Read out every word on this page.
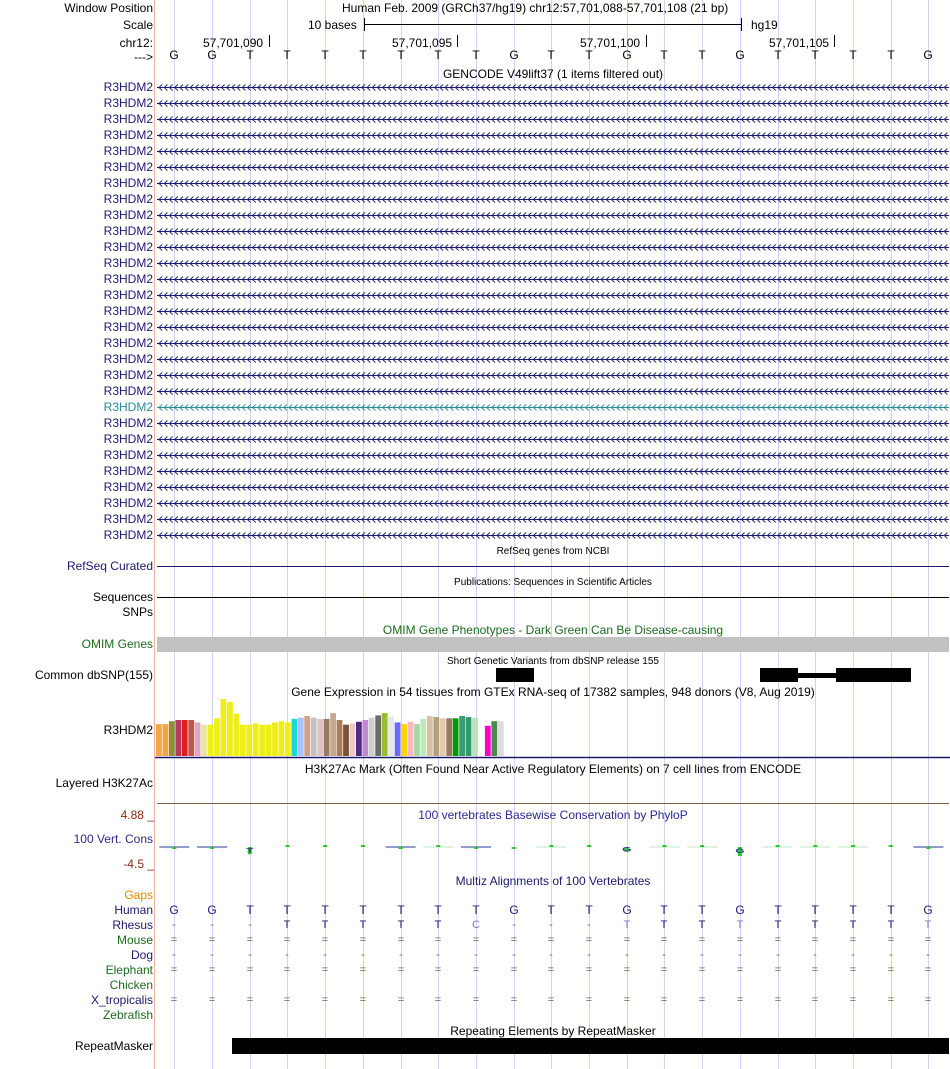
Window Position	Human Feb. 2009 (GRCh37/hg19) chr12:57,701,088-57,701,108 (21 bp)
Scale	10 bases	hg19
chr12:	57,701,090	57,701,095	57,701,100	57,701,105
--->	G	G	T	T	T	T	T	T	T	G	T	T	G	T	T	G	T	T	T	T	G
GENCODE V49lift37 (1 items filtered out)
R3HDM2
R3HDM2
R3HDM2
R3HDM2
R3HDM2
R3HDM2
R3HDM2
R3HDM2
R3HDM2
R3HDM2
R3HDM2
R3HDM2
R3HDM2
R3HDM2
R3HDM2
R3HDM2
R3HDM2
R3HDM2
R3HDM2
R3HDM2
R3HDM2
R3HDM2
R3HDM2
R3HDM2
R3HDM2
R3HDM2
R3HDM2
R3HDM2
R3HDM2
RefSeq genes from NCBI
RefSeq Curated
Publications: Sequences in Scientific Articles
Sequences
SNPs
OMIM Gene Phenotypes - Dark Green Can Be Disease-causing
OMIM Genes
Short Genetic Variants from dbSNP release 155
Common dbSNP(155)
Gene Expression in 54 tissues from GTEx RNA-seq of 17382 samples, 948 donors (V8, Aug 2019)
R3HDM2
H3K27Ac Mark (Often Found Near Active Regulatory Elements) on 7 cell lines from ENCODE
Layered H3K27Ac
100 vertebrates Basewise Conservation by PhyloP
4.88 _
100 Vert. Cons
-4.5 _
T	G	G
Multiz Alignments of 100 Vertebrates
Gaps
Human	G	G	T	T	T	T	T	T	T	G	T	T	G	T	T	G	T	T	T	T	G
Rhesus	-	-	-	T	T	T	T	T	C	-	-	-	T	T	T	T	T	T	T	T	T
Mouse	=	=	=	=	=	=	=	=	=	=	=	=	=	=	=	=	=	=	=	=	=
Dog	-	-	-	-	-	-	-	-	-	-	-	-	-	-	-	-	-	-	-	-	-
Elephant	=	=	=	=	=	=	=	=	=	=	=	=	=	=	=	=	=	=	=	=	=
Chicken
X_tropicalis	=	=	=	=	=	=	=	=	=	=	=	=	=	=	=	=	=	=	=	=	=
Zebrafish
Repeating Elements by RepeatMasker
RepeatMasker
